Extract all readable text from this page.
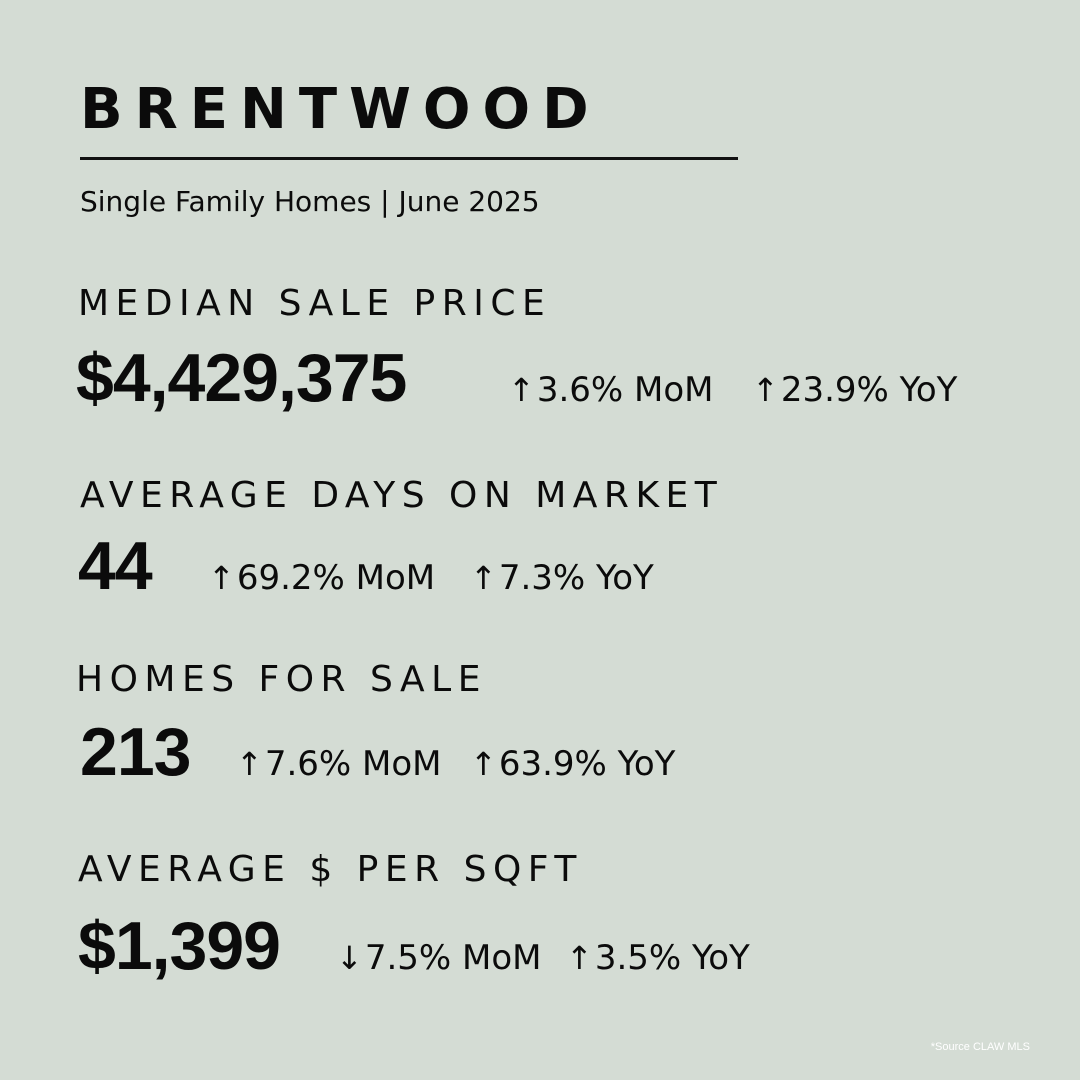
BRENTWOOD
Single Family Homes | June 2025
MEDIAN SALE PRICE
$4,429,375	↑3.6% MoM	↑23.9% YoY
AVERAGE DAYS ON MARKET
44	↑69.2% MoM	↑7.3% YoY
HOMES FOR SALE
213	↑7.6% MoM ↑63.9% YoY
AVERAGE $ PER SQFT
$1,399	↓7.5% MoM ↑3.5% YoY
*Source CLAW MLS
